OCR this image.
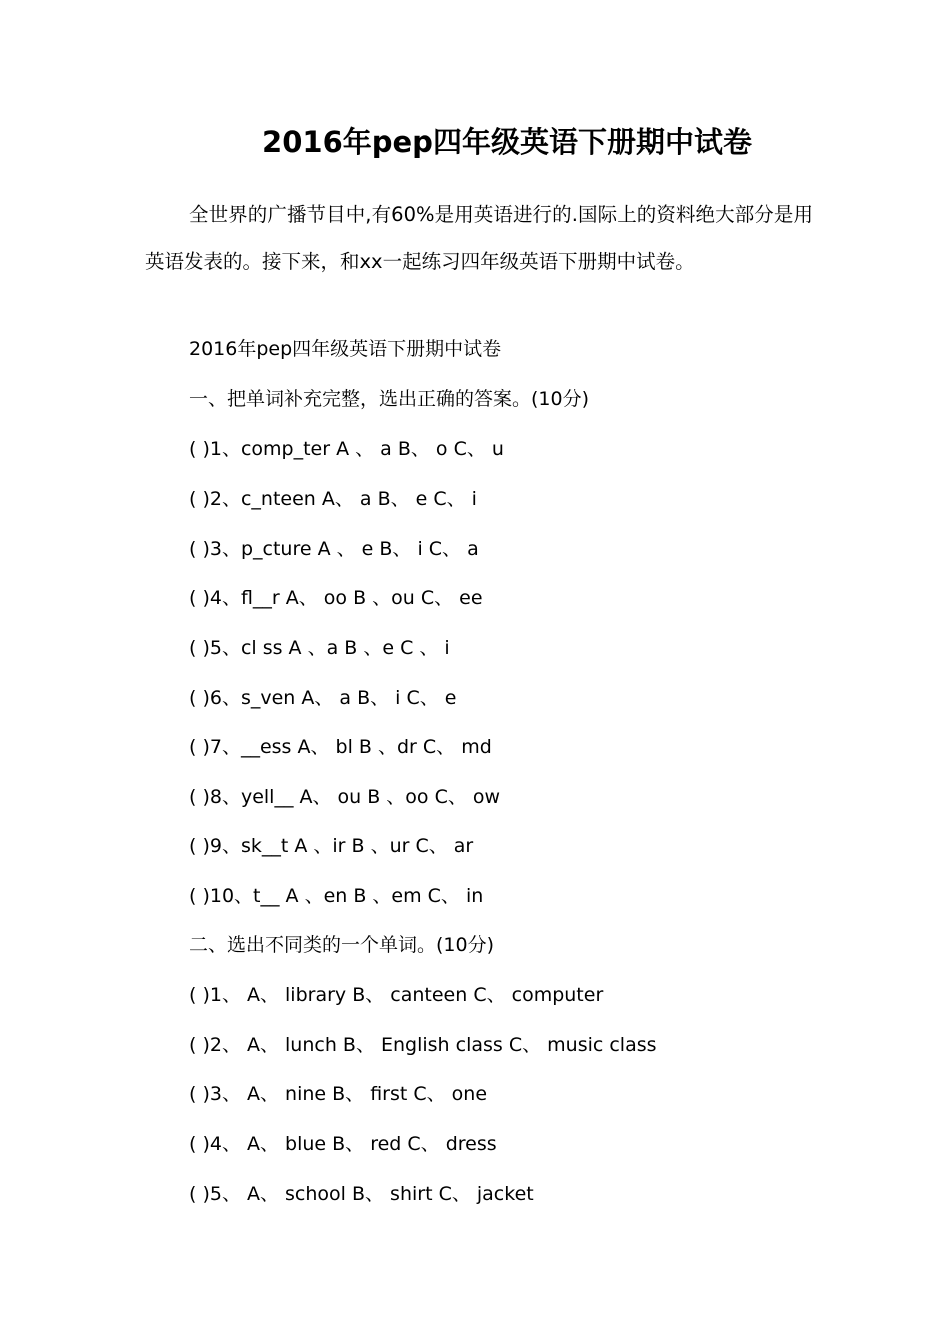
2016年pep四年级英语下册期中试卷
全世界的广播节目中,有60%是用英语进行的.国际上的资料绝大部分是用英语发表的。接下来，和xx一起练习四年级英语下册期中试卷。
2016年pep四年级英语下册期中试卷
一、把单词补充完整，选出正确的答案。(10分)
( )1、comp_ter A 、 a B、 o C、 u
( )2、c_nteen A、 a B、 e C、 i
( )3、p_cture A 、 e B、 i C、 a
( )4、fl__r A、 oo B 、ou C、 ee
( )5、cl ss A 、a B 、e C 、 i
( )6、s_ven A、 a B、 i C、 e
( )7、__ess A、 bl B 、dr C、 md
( )8、yell__ A、 ou B 、oo C、 ow
( )9、sk__t A 、ir B 、ur C、 ar
( )10、t__ A 、en B 、em C、 in
二、选出不同类的一个单词。(10分)
( )1、 A、 library B、 canteen C、 computer
( )2、 A、 lunch B、 English class C、 music class
( )3、 A、 nine B、 first C、 one
( )4、 A、 blue B、 red C、 dress
( )5、 A、 school B、 shirt C、 jacket
